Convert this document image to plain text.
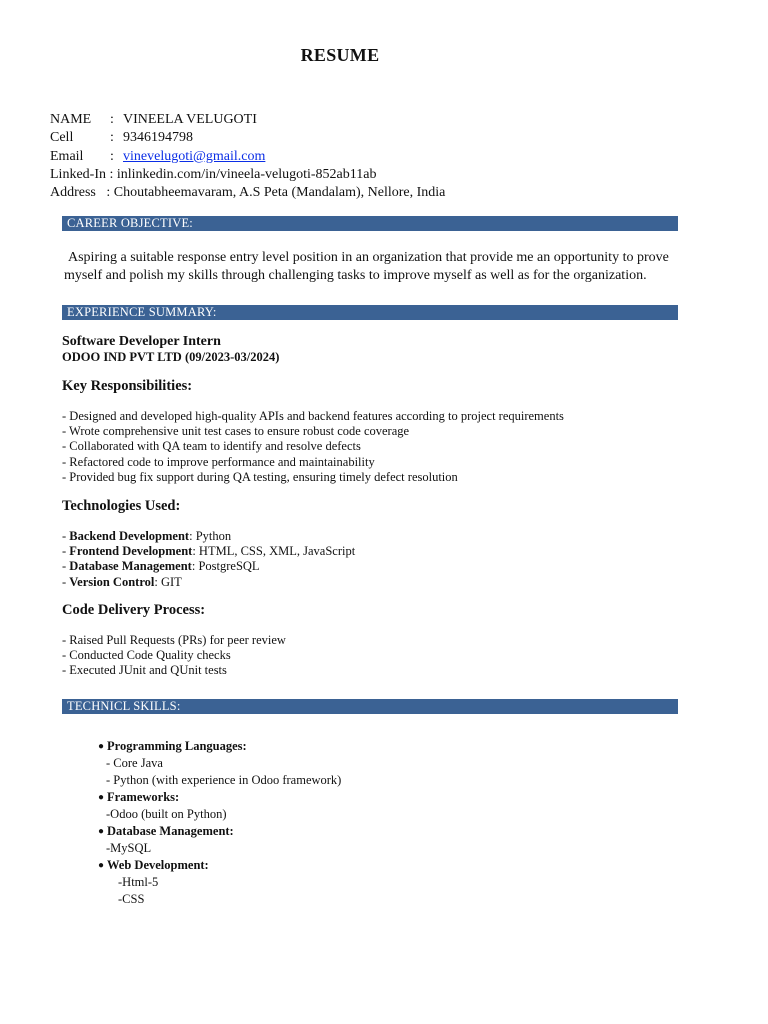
RESUME
NAME	: VINEELA VELUGOTI
Cell	: 9346194798
Email	: vinevelugoti@gmail.com
Linked-In : inlinkedin.com/in/vineela-velugoti-852ab11ab
Address : Choutabheemavaram, A.S Peta (Mandalam), Nellore, India
CAREER OBJECTIVE:
Aspiring a suitable response entry level position in an organization that provide me an opportunity to prove myself and polish my skills through challenging tasks to improve myself as well as for the organization.
EXPERIENCE SUMMARY:
Software Developer Intern
ODOO IND PVT LTD (09/2023-03/2024)
Key Responsibilities:
- Designed and developed high-quality APIs and backend features according to project requirements
- Wrote comprehensive unit test cases to ensure robust code coverage
- Collaborated with QA team to identify and resolve defects
- Refactored code to improve performance and maintainability
- Provided bug fix support during QA testing, ensuring timely defect resolution
Technologies Used:
- Backend Development: Python
- Frontend Development: HTML, CSS, XML, JavaScript
- Database Management: PostgreSQL
- Version Control: GIT
Code Delivery Process:
- Raised Pull Requests (PRs) for peer review
- Conducted Code Quality checks
- Executed JUnit and QUnit tests
TECHNICL SKILLS:
● Programming Languages:
- Core Java
- Python (with experience in Odoo framework)
● Frameworks:
-Odoo (built on Python)
● Database Management:
-MySQL
● Web Development:
-Html-5
-CSS
